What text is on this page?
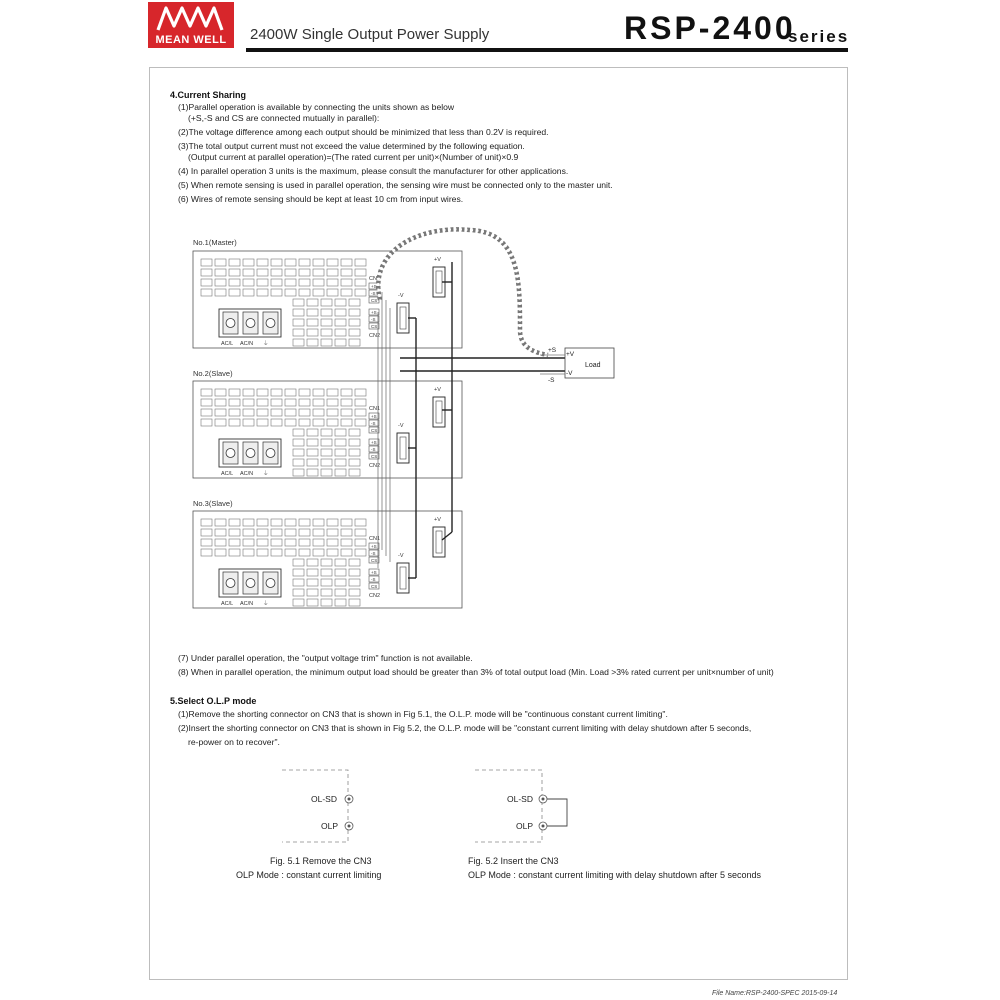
MEAN WELL	2400W Single Output Power Supply	RSP-2400
series
4.Current Sharing
(1)Parallel operation is available by connecting the units shown as below
(+S,-S and CS are connected mutually in parallel):
(2)The voltage difference among each output should be minimized that less than 0.2V is required.
(3)The total output current must not exceed the value determined by the following equation.
(Output current at parallel operation)=(The rated current per unit)×(Number of unit)×0.9
(4) In parallel operation 3 units is the maximum, please consult the manufacturer for other applications.
(5) When remote sensing is used in parallel operation, the sensing wire must be connected only to the master unit.
(6) Wires of remote sensing should be kept at least 10 cm from input wires.
No.1(Master)
No.2(Slave)
No.3(Slave)
AC/L AC/N ⏚
CN1
+S
-S
CS
+S
-S
CS
CN2
+V
-V
AC/L AC/N ⏚
CN1
+S
-S
CS
+S
-S
CS
CN2
+V
-V
AC/L AC/N ⏚
CN1
+S
-S
CS
+S
-S
CS
CN2
+V
-V
Load
+V
-V
+S
-S
(7) Under parallel operation, the "output voltage trim" function is not available.
(8) When in parallel operation, the minimum output load should be greater than 3% of total output load (Min. Load >3% rated current per unit×number of unit)
5.Select O.L.P mode
(1)Remove the shorting connector on CN3 that is shown in Fig 5.1, the O.L.P. mode will be "continuous constant current limiting".
(2)Insert the shorting connector on CN3 that is shown in Fig 5.2, the O.L.P. mode will be "constant current limiting with delay shutdown after 5 seconds,
re-power on to recover".
OL-SD
OLP
OL-SD
OLP
Fig. 5.1 Remove the CN3
OLP Mode : constant current limiting
Fig. 5.2 Insert the CN3
OLP Mode : constant current limiting with delay shutdown after 5 seconds
File Name:RSP-2400-SPEC 2015-09-14
